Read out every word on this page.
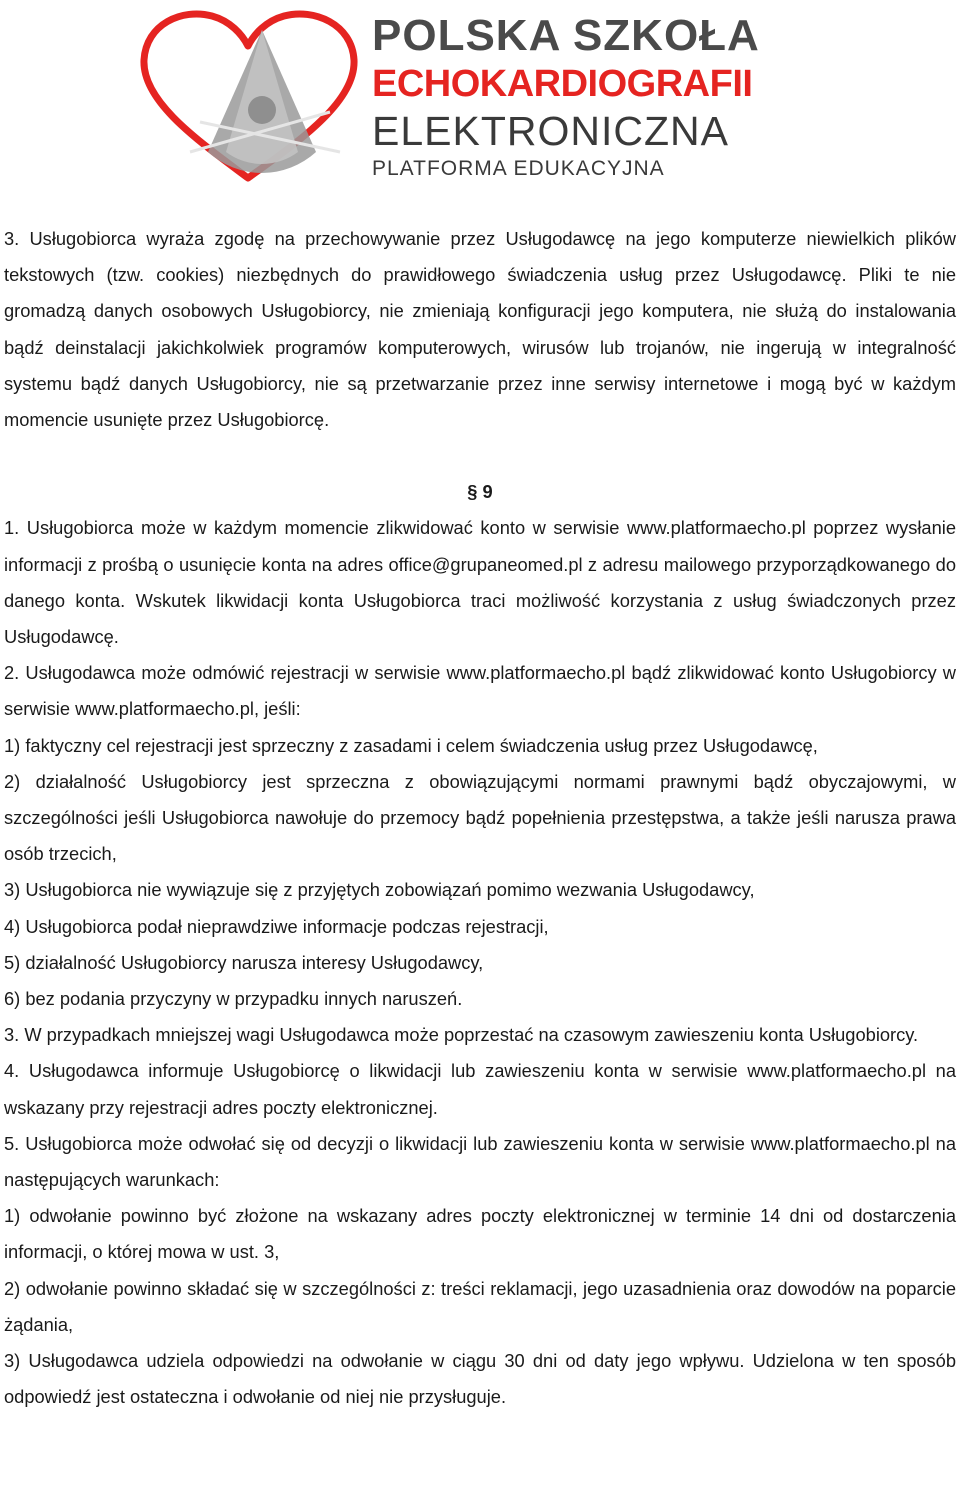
POLSKA SZKOŁA
ECHOKARDIOGRAFII
ELEKTRONICZNA
PLATFORMA EDUKACYJNA

3. Usługobiorca wyraża zgodę na przechowywanie przez Usługodawcę na jego komputerze niewielkich plików tekstowych (tzw. cookies) niezbędnych do prawidłowego świadczenia usług przez Usługodawcę. Pliki te nie gromadzą danych osobowych Usługobiorcy, nie zmieniają konfiguracji jego komputera, nie służą do instalowania bądź deinstalacji jakichkolwiek programów komputerowych, wirusów lub trojanów, nie ingerują w integralność systemu bądź danych Usługobiorcy, nie są przetwarzanie przez inne serwisy internetowe i mogą być w każdym momencie usunięte przez Usługobiorcę.

§ 9

1. Usługobiorca może w każdym momencie zlikwidować konto w serwisie www.platformaecho.pl poprzez wysłanie informacji z prośbą o usunięcie konta na adres office@grupaneomed.pl z adresu mailowego przyporządkowanego do danego konta. Wskutek likwidacji konta Usługobiorca traci możliwość korzystania z usług świadczonych przez Usługodawcę.

2. Usługodawca może odmówić rejestracji w serwisie www.platformaecho.pl bądź zlikwidować konto Usługobiorcy w serwisie www.platformaecho.pl, jeśli:

1) faktyczny cel rejestracji jest sprzeczny z zasadami i celem świadczenia usług przez Usługodawcę,

2) działalność Usługobiorcy jest sprzeczna z obowiązującymi normami prawnymi bądź obyczajowymi, w szczególności jeśli Usługobiorca nawołuje do przemocy bądź popełnienia przestępstwa, a także jeśli narusza prawa osób trzecich,

3) Usługobiorca nie wywiązuje się z przyjętych zobowiązań pomimo wezwania Usługodawcy,

4) Usługobiorca podał nieprawdziwe informacje podczas rejestracji,

5) działalność Usługobiorcy narusza interesy Usługodawcy,

6) bez podania przyczyny w przypadku innych naruszeń.

3. W przypadkach mniejszej wagi Usługodawca może poprzestać na czasowym zawieszeniu konta Usługobiorcy.

4. Usługodawca informuje Usługobiorcę o likwidacji lub zawieszeniu konta w serwisie www.platformaecho.pl na wskazany przy rejestracji adres poczty elektronicznej.

5. Usługobiorca może odwołać się od decyzji o likwidacji lub zawieszeniu konta w serwisie www.platformaecho.pl na następujących warunkach:

1) odwołanie powinno być złożone na wskazany adres poczty elektronicznej w terminie 14 dni od dostarczenia informacji, o której mowa w ust. 3,

2) odwołanie powinno składać się w szczególności z: treści reklamacji, jego uzasadnienia oraz dowodów na poparcie żądania,

3) Usługodawca udziela odpowiedzi na odwołanie w ciągu 30 dni od daty jego wpływu. Udzielona w ten sposób odpowiedź jest ostateczna i odwołanie od niej nie przysługuje.
